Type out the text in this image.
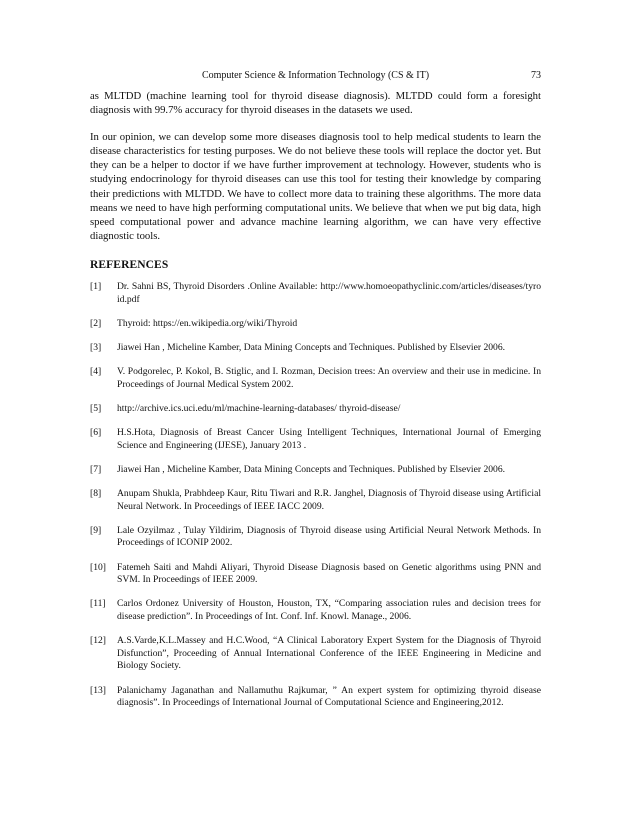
Computer Science & Information Technology (CS & IT)	73

as MLTDD (machine learning tool for thyroid disease diagnosis). MLTDD could form a foresight diagnosis with 99.7% accuracy for thyroid diseases in the datasets we used.

In our opinion, we can develop some more diseases diagnosis tool to help medical students to learn the disease characteristics for testing purposes. We do not believe these tools will replace the doctor yet. But they can be a helper to doctor if we have further improvement at technology. However, students who is studying endocrinology for thyroid diseases can use this tool for testing their knowledge by comparing their predictions with MLTDD. We have to collect more data to training these algorithms. The more data means we need to have high performing computational units. We believe that when we put big data, high speed computational power and advance machine learning algorithm, we can have very effective diagnostic tools.

REFERENCES
[1]	Dr. Sahni BS, Thyroid Disorders .Online Available: http://www.homoeopathyclinic.com/articles/diseases/tyro id.pdf
[2]	Thyroid: https://en.wikipedia.org/wiki/Thyroid
[3]	Jiawei Han , Micheline Kamber, Data Mining Concepts and Techniques. Published by Elsevier 2006.
[4]	V. Podgorelec, P. Kokol, B. Stiglic, and I. Rozman, Decision trees: An overview and their use in medicine. In Proceedings of Journal Medical System 2002.
[5]	http://archive.ics.uci.edu/ml/machine-learning-databases/ thyroid-disease/
[6]	H.S.Hota, Diagnosis of Breast Cancer Using Intelligent Techniques, International Journal of Emerging Science and Engineering (IJESE), January 2013 .
[7]	Jiawei Han , Micheline Kamber, Data Mining Concepts and Techniques. Published by Elsevier 2006.
[8]	Anupam Shukla, Prabhdeep Kaur, Ritu Tiwari and R.R. Janghel, Diagnosis of Thyroid disease using Artificial Neural Network. In Proceedings of IEEE IACC 2009.
[9]	Lale Ozyilmaz , Tulay Yildirim, Diagnosis of Thyroid disease using Artificial Neural Network Methods. In Proceedings of ICONIP 2002.
[10]	Fatemeh Saiti and Mahdi Aliyari, Thyroid Disease Diagnosis based on Genetic algorithms using PNN and SVM. In Proceedings of IEEE 2009.
[11]	Carlos Ordonez University of Houston, Houston, TX, “Comparing association rules and decision trees for disease prediction”. In Proceedings of Int. Conf. Inf. Knowl. Manage., 2006.
[12]	A.S.Varde,K.L.Massey and H.C.Wood, “A Clinical Laboratory Expert System for the Diagnosis of Thyroid Disfunction”, Proceeding of Annual International Conference of the IEEE Engineering in Medicine and Biology Society.
[13]	Palanichamy Jaganathan and Nallamuthu Rajkumar, ” An expert system for optimizing thyroid disease diagnosis”. In Proceedings of International Journal of Computational Science and Engineering,2012.
